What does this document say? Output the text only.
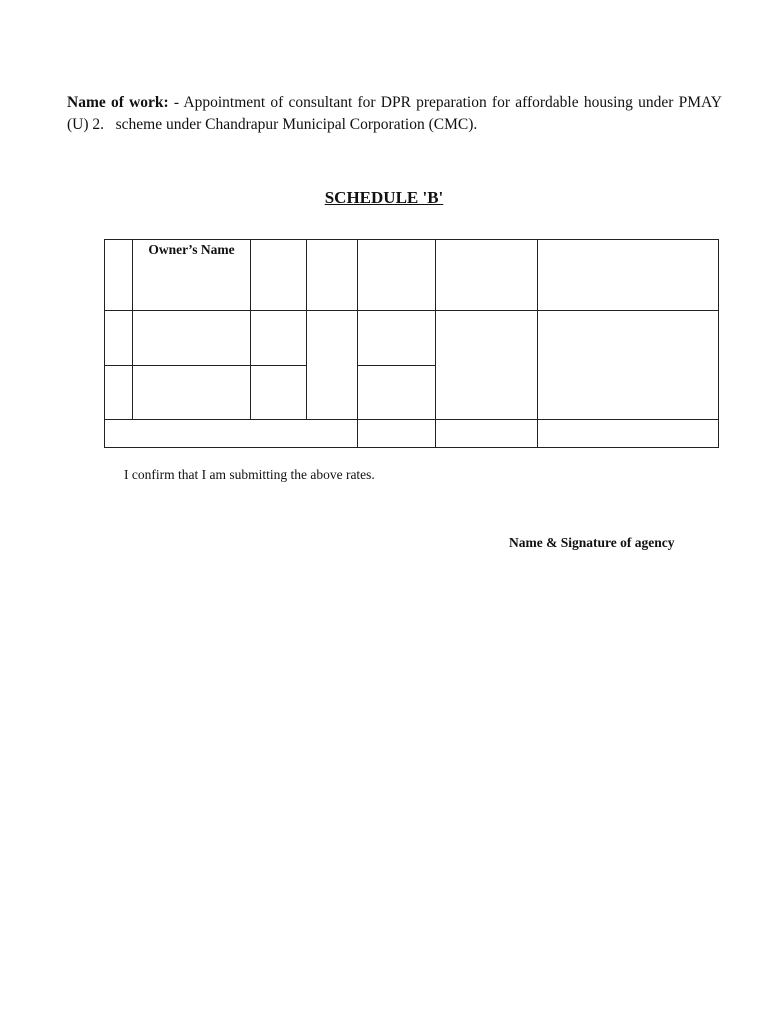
Name of work: - Appointment of consultant for DPR preparation for affordable housing under PMAY (U) 2.   scheme under Chandrapur Municipal Corporation (CMC).

SCHEDULE 'B'
	Owner’s Name					

I confirm that I am submitting the above rates.

Name & Signature of agency
